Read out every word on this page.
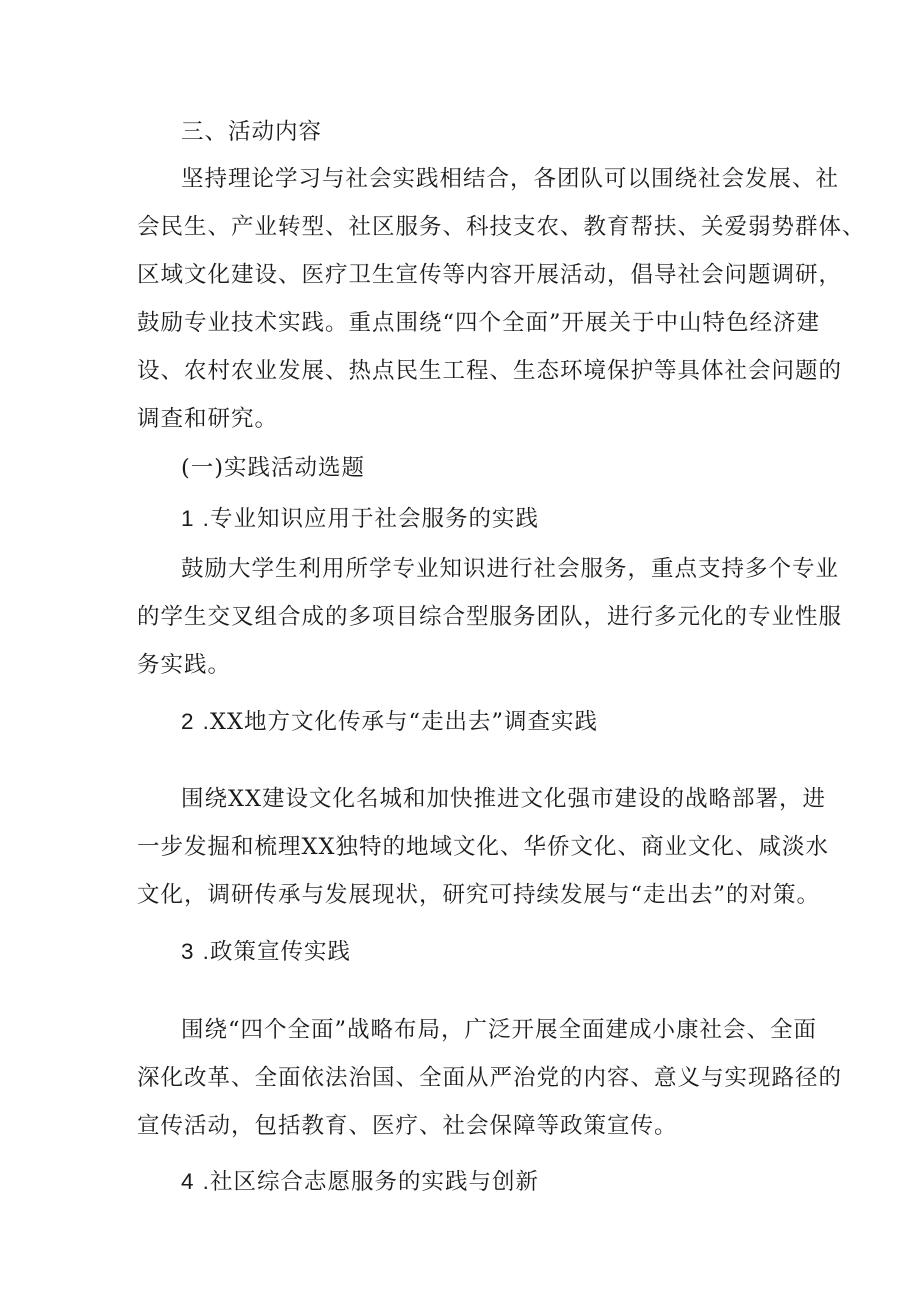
三、活动内容
坚持理论学习与社会实践相结合，各团队可以围绕社会发展、社
会民生、产业转型、社区服务、科技支农、教育帮扶、关爱弱势群体、
区域文化建设、医疗卫生宣传等内容开展活动，倡导社会问题调研，
鼓励专业技术实践。重点围绕“四个全面”开展关于中山特色经济建
设、农村农业发展、热点民生工程、生态环境保护等具体社会问题的
调查和研究。
(一)实践活动选题
1 .专业知识应用于社会服务的实践
鼓励大学生利用所学专业知识进行社会服务，重点支持多个专业
的学生交叉组合成的多项目综合型服务团队，进行多元化的专业性服
务实践。
2 .XX地方文化传承与“走出去”调查实践
围绕XX建设文化名城和加快推进文化强市建设的战略部署，进
一步发掘和梳理XX独特的地域文化、华侨文化、商业文化、咸淡水
文化，调研传承与发展现状，研究可持续发展与“走出去”的对策。
3 .政策宣传实践
围绕“四个全面”战略布局，广泛开展全面建成小康社会、全面
深化改革、全面依法治国、全面从严治党的内容、意义与实现路径的
宣传活动，包括教育、医疗、社会保障等政策宣传。
4 .社区综合志愿服务的实践与创新
